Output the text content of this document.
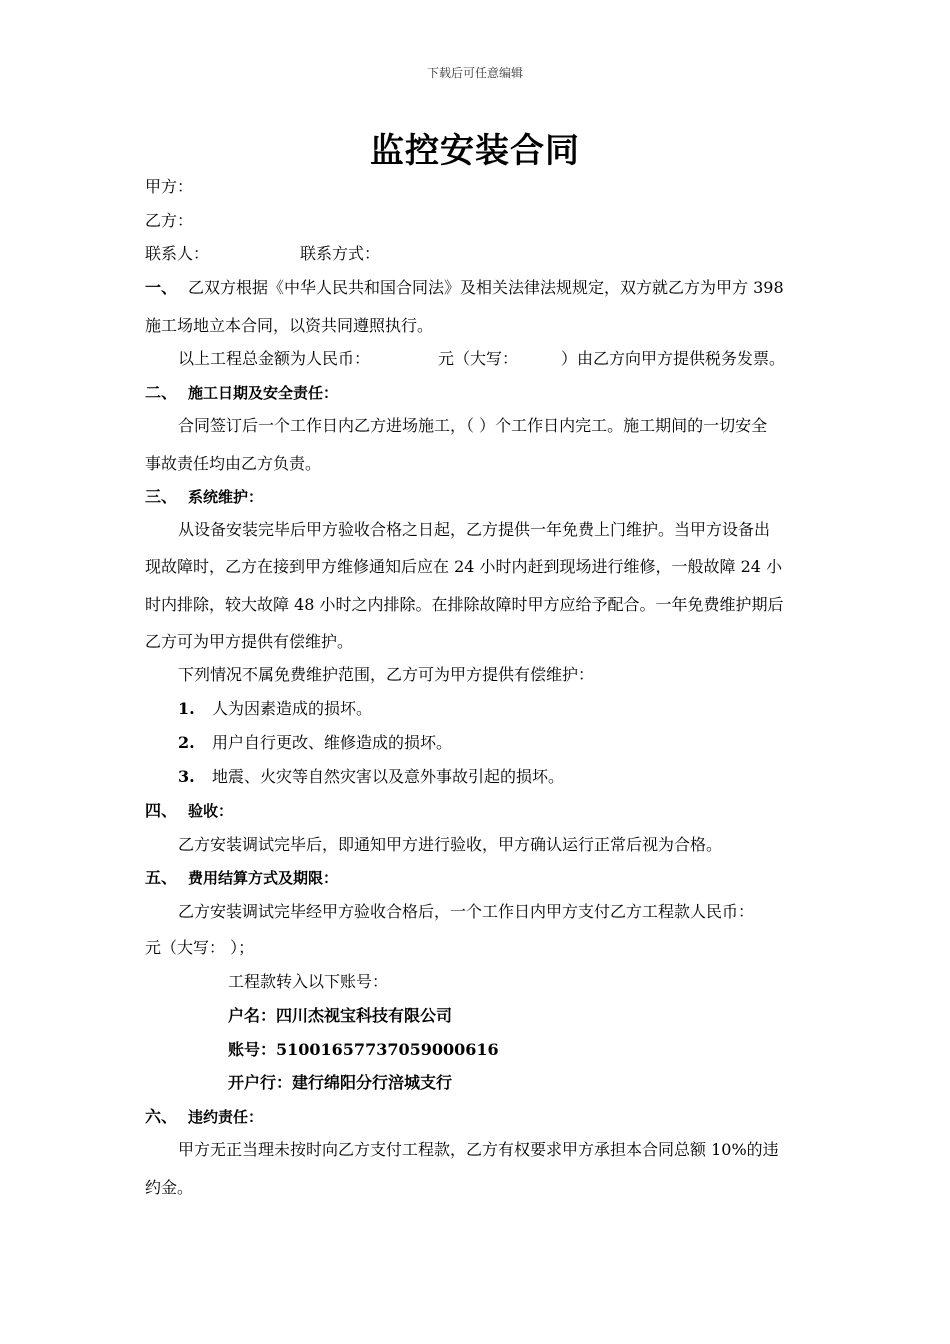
下载后可任意编辑
监控安装合同
甲方：
乙方：
联系人：	联系方式：
一、 乙双方根据《中华人民共和国合同法》及相关法律法规规定，双方就乙方为甲方 398
施工场地立本合同，以资共同遵照执行。
以上工程总金额为人民币：	元（大写：	）由乙方向甲方提供税务发票。
二、 施工日期及安全责任：
合同签订后一个工作日内乙方进场施工，（ ）个工作日内完工。施工期间的一切安全
事故责任均由乙方负责。
三、 系统维护：
从设备安装完毕后甲方验收合格之日起，乙方提供一年免费上门维护。当甲方设备出
现故障时，乙方在接到甲方维修通知后应在 24 小时内赶到现场进行维修，一般故障 24 小
时内排除，较大故障 48 小时之内排除。在排除故障时甲方应给予配合。一年免费维护期后
乙方可为甲方提供有偿维护。
下列情况不属免费维护范围，乙方可为甲方提供有偿维护：
1. 人为因素造成的损坏。
2. 用户自行更改、维修造成的损坏。
3. 地震、火灾等自然灾害以及意外事故引起的损坏。
四、 验收：
乙方安装调试完毕后，即通知甲方进行验收，甲方确认运行正常后视为合格。
五、 费用结算方式及期限：
乙方安装调试完毕经甲方验收合格后，一个工作日内甲方支付乙方工程款人民币：
元（大写： ）；
工程款转入以下账号：
户名：四川杰视宝科技有限公司
账号：51001657737059000616
开户行：建行绵阳分行涪城支行
六、 违约责任：
甲方无正当理未按时向乙方支付工程款，乙方有权要求甲方承担本合同总额 10%的违
约金。
